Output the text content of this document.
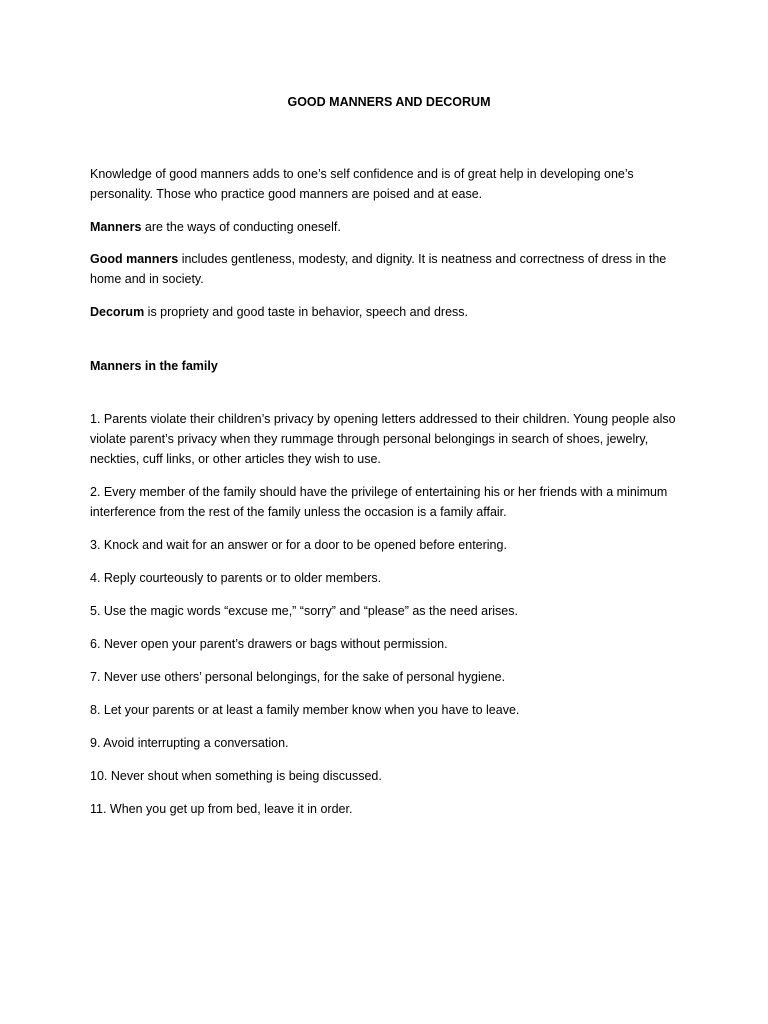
GOOD MANNERS AND DECORUM

Knowledge of good manners adds to one’s self confidence and is of great help in developing one’s personality. Those who practice good manners are poised and at ease.

Manners are the ways of conducting oneself.

Good manners includes gentleness, modesty, and dignity. It is neatness and correctness of dress in the home and in society.

Decorum is propriety and good taste in behavior, speech and dress.

Manners in the family

1. Parents violate their children’s privacy by opening letters addressed to their children. Young people also violate parent’s privacy when they rummage through personal belongings in search of shoes, jewelry, neckties, cuff links, or other articles they wish to use.

2. Every member of the family should have the privilege of entertaining his or her friends with a minimum interference from the rest of the family unless the occasion is a family affair.

3. Knock and wait for an answer or for a door to be opened before entering.

4. Reply courteously to parents or to older members.

5. Use the magic words “excuse me,” “sorry” and “please” as the need arises.

6. Never open your parent’s drawers or bags without permission.

7. Never use others’ personal belongings, for the sake of personal hygiene.

8. Let your parents or at least a family member know when you have to leave.

9. Avoid interrupting a conversation.

10. Never shout when something is being discussed.

11. When you get up from bed, leave it in order.
